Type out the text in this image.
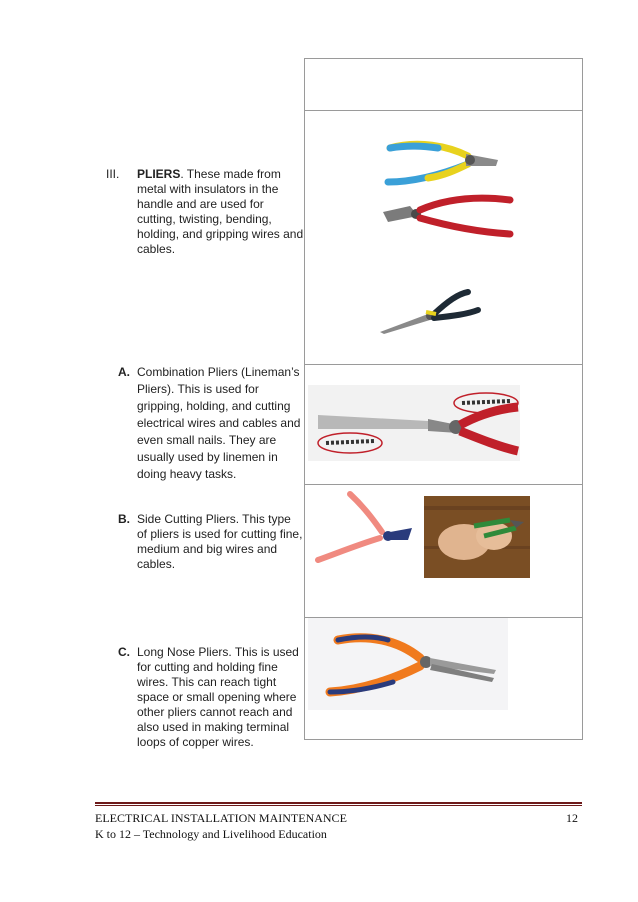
III. PLIERS. These made from
metal with insulators in the
handle and are used for
cutting, twisting, bending,
holding, and gripping wires and
cables.
A. Combination Pliers (Lineman’s
Pliers). This is used for
gripping, holding, and cutting
electrical wires and cables and
even small nails. They are
usually used by linemen in
doing heavy tasks.
B. Side Cutting Pliers. This type
of pliers is used for cutting fine,
medium and big wires and
cables.
C. Long Nose Pliers. This is used
for cutting and holding fine
wires. This can reach tight
space or small opening where
other pliers cannot reach and
also used in making terminal
loops of copper wires.
ELECTRICAL INSTALLATION MAINTENANCE	12
K to 12 – Technology and Livelihood Education
